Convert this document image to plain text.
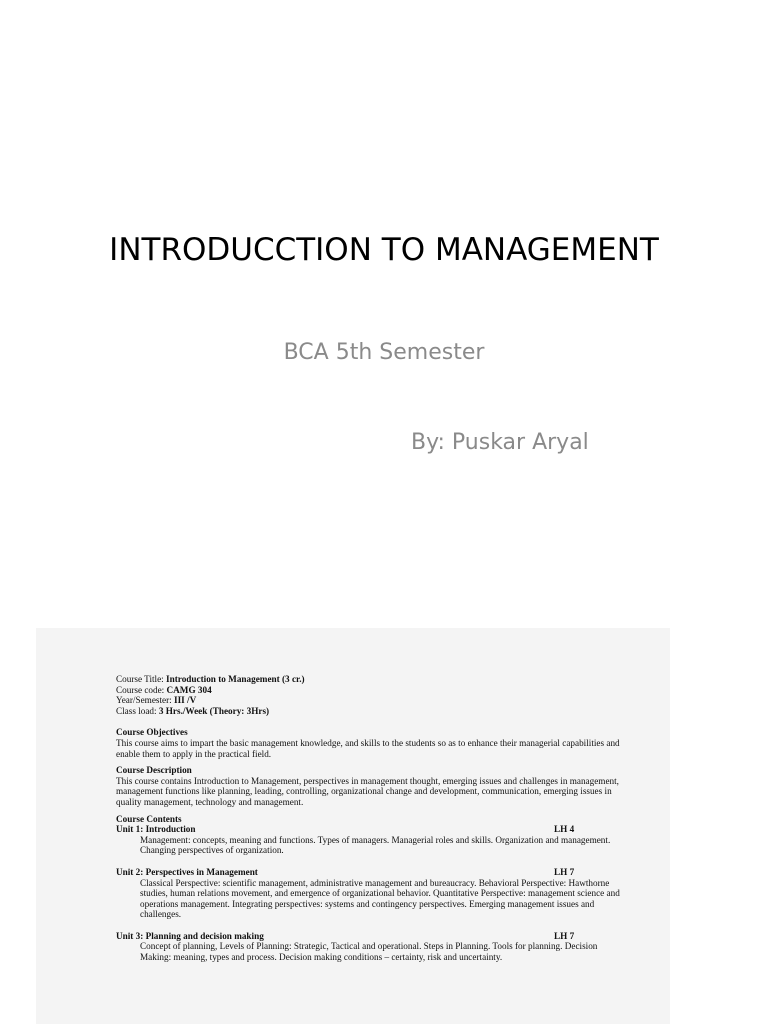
INTRODUCCTION TO MANAGEMENT
BCA 5th Semester
By: Puskar Aryal
Course Title: Introduction to Management (3 cr.)
Course code: CAMG 304
Year/Semester: III /V
Class load: 3 Hrs./Week (Theory: 3Hrs)
Course Objectives
This course aims to impart the basic management knowledge, and skills to the students so as to enhance their managerial capabilities and enable them to apply in the practical field.
Course Description
This course contains Introduction to Management, perspectives in management thought, emerging issues and challenges in management, management functions like planning, leading, controlling, organizational change and development, communication, emerging issues in quality management, technology and management.
Course Contents
Unit 1: Introduction	LH 4
Management: concepts, meaning and functions. Types of managers. Managerial roles and skills. Organization and management. Changing perspectives of organization.
Unit 2: Perspectives in Management	LH 7
Classical Perspective: scientific management, administrative management and bureaucracy. Behavioral Perspective: Hawthorne studies, human relations movement, and emergence of organizational behavior. Quantitative Perspective: management science and operations management. Integrating perspectives: systems and contingency perspectives. Emerging management issues and challenges.
Unit 3: Planning and decision making	LH 7
Concept of planning, Levels of Planning: Strategic, Tactical and operational. Steps in Planning. Tools for planning. Decision Making: meaning, types and process. Decision making conditions – certainty, risk and uncertainty.
